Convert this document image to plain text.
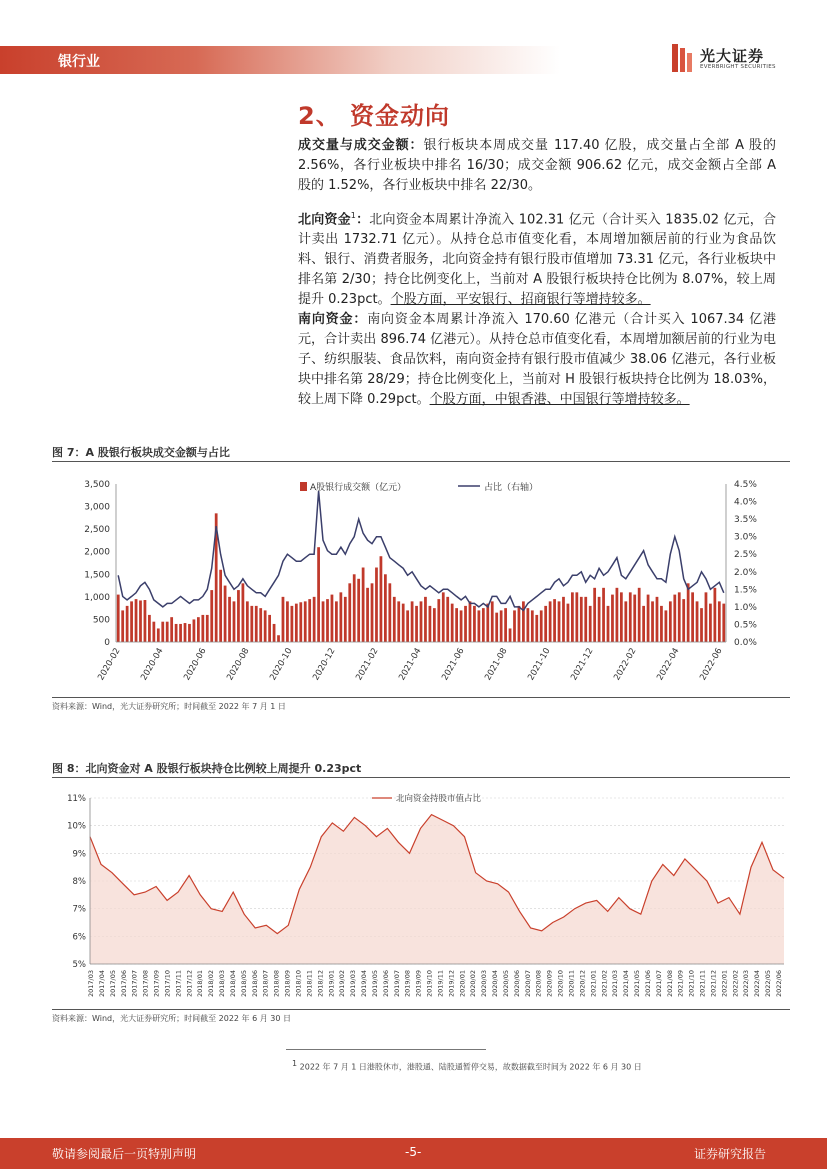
银行业	光大证券
EVERBRIGHT SECURITIES
2、 资金动向
成交量与成交金额：银行板块本周成交量 117.40 亿股，成交量占全部 A 股的 2.56%，各行业板块中排名 16/30；成交金额 906.62 亿元，成交金额占全部 A 股的 1.52%，各行业板块中排名 22/30。
北向资金$^1$：北向资金本周累计净流入 102.31 亿元（合计买入 1835.02 亿元，合计卖出 1732.71 亿元）。从持仓总市值变化看，本周增加额居前的行业为食品饮料、银行、消费者服务，北向资金持有银行股市值增加 73.31 亿元，各行业板块中排名第 2/30；持仓比例变化上，当前对 A 股银行板块持仓比例为 8.07%，较上周提升 0.23pct。个股方面，平安银行、招商银行等增持较多。
南向资金：南向资金本周累计净流入 170.60 亿港元（合计买入 1067.34 亿港元，合计卖出 896.74 亿港元）。从持仓总市值变化看，本周增加额居前的行业为电子、纺织服装、食品饮料，南向资金持有银行股市值减少 38.06 亿港元，各行业板块中排名第 28/29；持仓比例变化上，当前对 H 股银行板块持仓比例为 18.03%，较上周下降 0.29pct。个股方面，中银香港、中国银行等增持较多。
图 7：A 股银行板块成交金额与占比
3,500
3,000
2,500
2,000
1,500
1,000
500
0
4.5%
4.0%
3.5%
3.0%
2.5%
2.0%
1.5%
1.0%
0.5%
0.0%
2020-02 2020-04 2020-06 2020-08 2020-10 2020-12 2021-02 2021-04 2021-06 2021-08 2021-10 2021-12 2022-02 2022-04 2022-06
A股银行成交额（亿元）	占比（右轴）
资料来源：Wind，光大证券研究所；时间截至 2022 年 7 月 1 日
图 8：北向资金对 A 股银行板块持仓比例较上周提升 0.23pct
11%
10%
9%
8%
7%
6%
5%
2017/03 2017/04 2017/05 2017/06 2017/07 2017/08 2017/09 2017/10 2017/11 2017/12 2018/01 2018/02 2018/03 2018/04 2018/05 2018/06 2018/07 2018/08 2018/09 2018/10 2018/11 2018/12 2019/01 2019/02 2019/03 2019/04 2019/05 2019/06 2019/07 2019/08 2019/09 2019/10 2019/11 2019/12 2020/01 2020/02 2020/03 2020/04 2020/05 2020/06 2020/07 2020/08 2020/09 2020/10 2020/11 2020/12 2021/01 2021/02 2021/03 2021/04 2021/05 2021/06 2021/07 2021/08 2021/09 2021/10 2021/11 2021/12 2022/01 2022/02 2022/03 2022/04 2022/05 2022/06
北向资金持股市值占比
资料来源：Wind，光大证券研究所；时间截至 2022 年 6 月 30 日
$^1$ 2022 年 7 月 1 日港股休市，港股通、陆股通暂停交易，故数据截至时间为 2022 年 6 月 30 日
敬请参阅最后一页特别声明	-5-	证券研究报告
